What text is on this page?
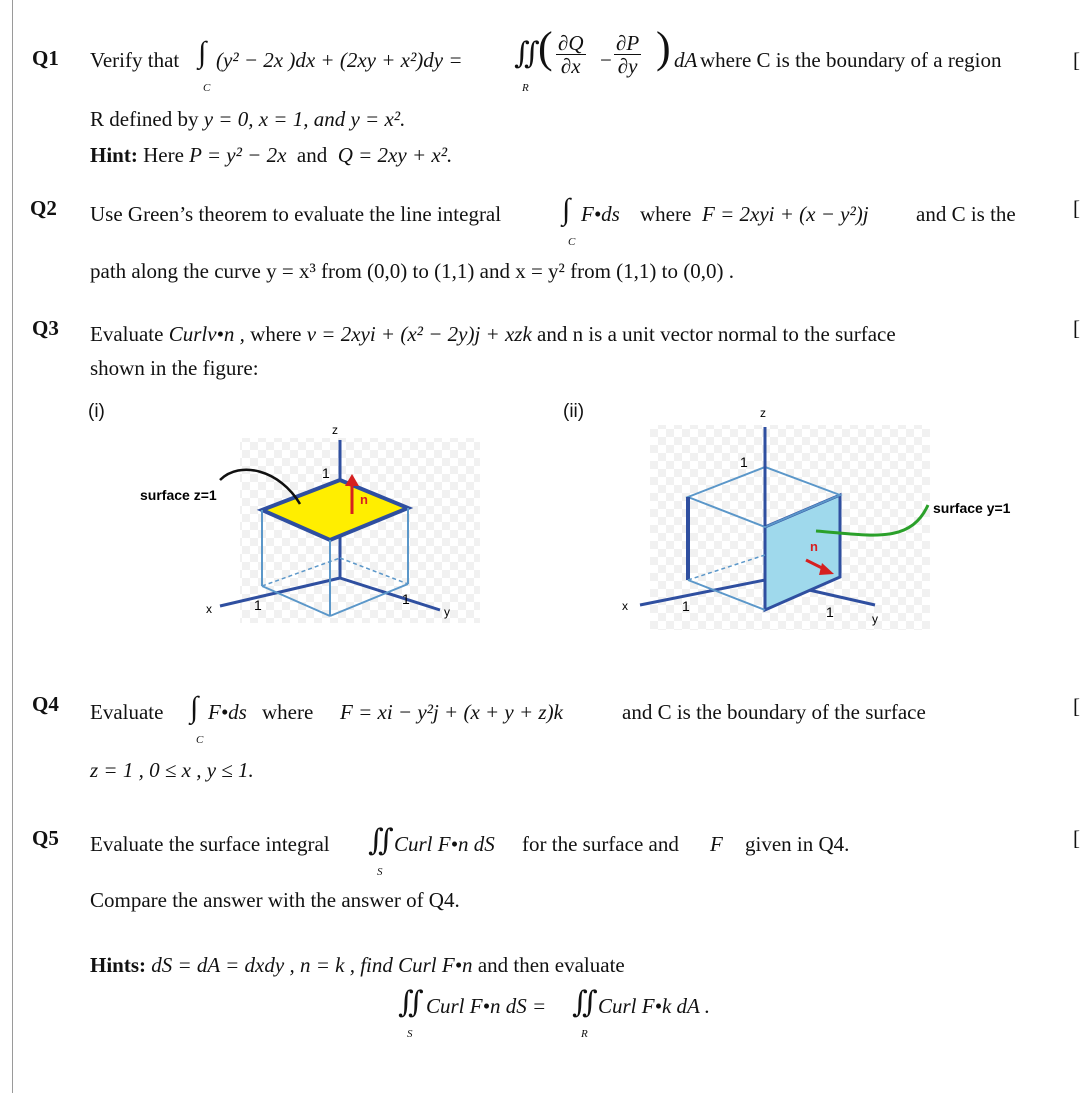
Q1 Verify that ∫
C
(y² − 2x )dx + (2xy + x²)dy = ∬
R
( $\frac{\partial Q}{\partial x} - \frac{\partial P}{\partial y}$ ) dA where C is the boundary of a region	[
R defined by y = 0, x = 1, and y = x².
Hint: Here P = y² − 2x and Q = 2xy + x².
Q2 Use Green’s theorem to evaluate the line integral ∫
C
F•ds where F = 2xyi + (x − y²)j and C is the	[
path along the curve y = x³ from (0,0) to (1,1) and x = y² from (1,1) to (0,0) .
Q3 Evaluate Curlv•n , where v = 2xyi + (x² − 2y)j + xzk and n is a unit vector normal to the surface	[
shown in the figure:
(i)	(ii)
n
surface z=1
z
x	y
1
1	1
n
surface y=1
z
x
y
1
1	1
Q4 Evaluate ∫
C
F•ds where F = xi − y²j + (x + y + z)k	and C is the boundary of the surface	[
z = 1 , 0 ≤ x , y ≤ 1.
Q5 Evaluate the surface integral ∬
S
Curl F•n dS for the surface and F given in Q4.	[
Compare the answer with the answer of Q4.
Hints: dS = dA = dxdy , n = k , find Curl F•n and then evaluate
∬
S
Curl F•n dS = ∬
R
Curl F•k dA .
